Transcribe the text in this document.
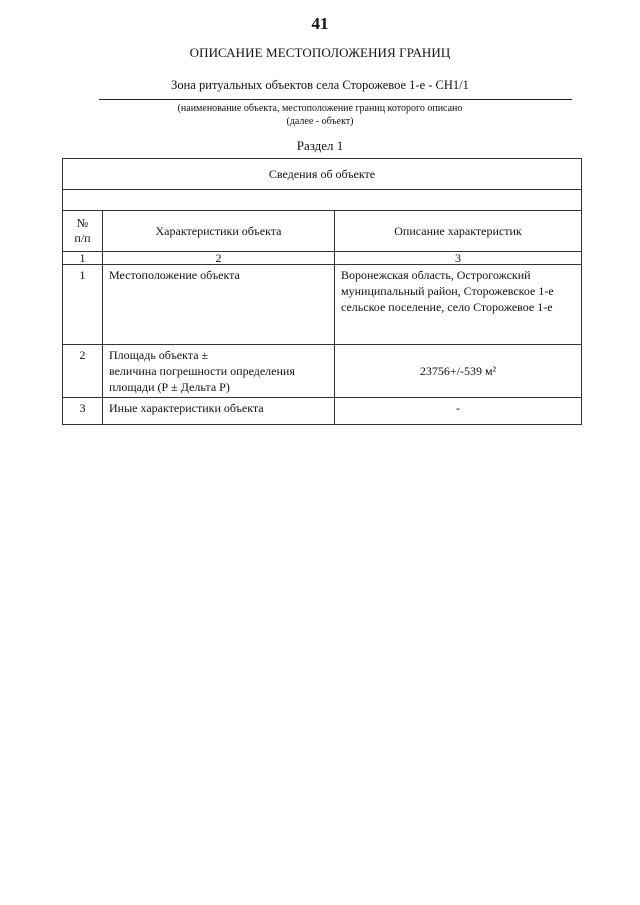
41
ОПИСАНИЕ МЕСТОПОЛОЖЕНИЯ ГРАНИЦ
Зона ритуальных объектов села Сторожевое 1-е - СН1/1
(наименование объекта, местоположение границ которого описано
(далее - объект)
Раздел 1
Сведения об объекте		

№
п/п	Характеристики объекта	Описание характеристик
1	2	3
1	Местоположение объекта	Воронежская область, Острогожский
муниципальный район, Сторожевское 1-е
сельское поселение, село Сторожевое 1-е

2	Площадь объекта ±
величина погрешности определения
площади (Р ± Дельта Р)	23756+/-539 м²

3	Иные характеристики объекта	-
